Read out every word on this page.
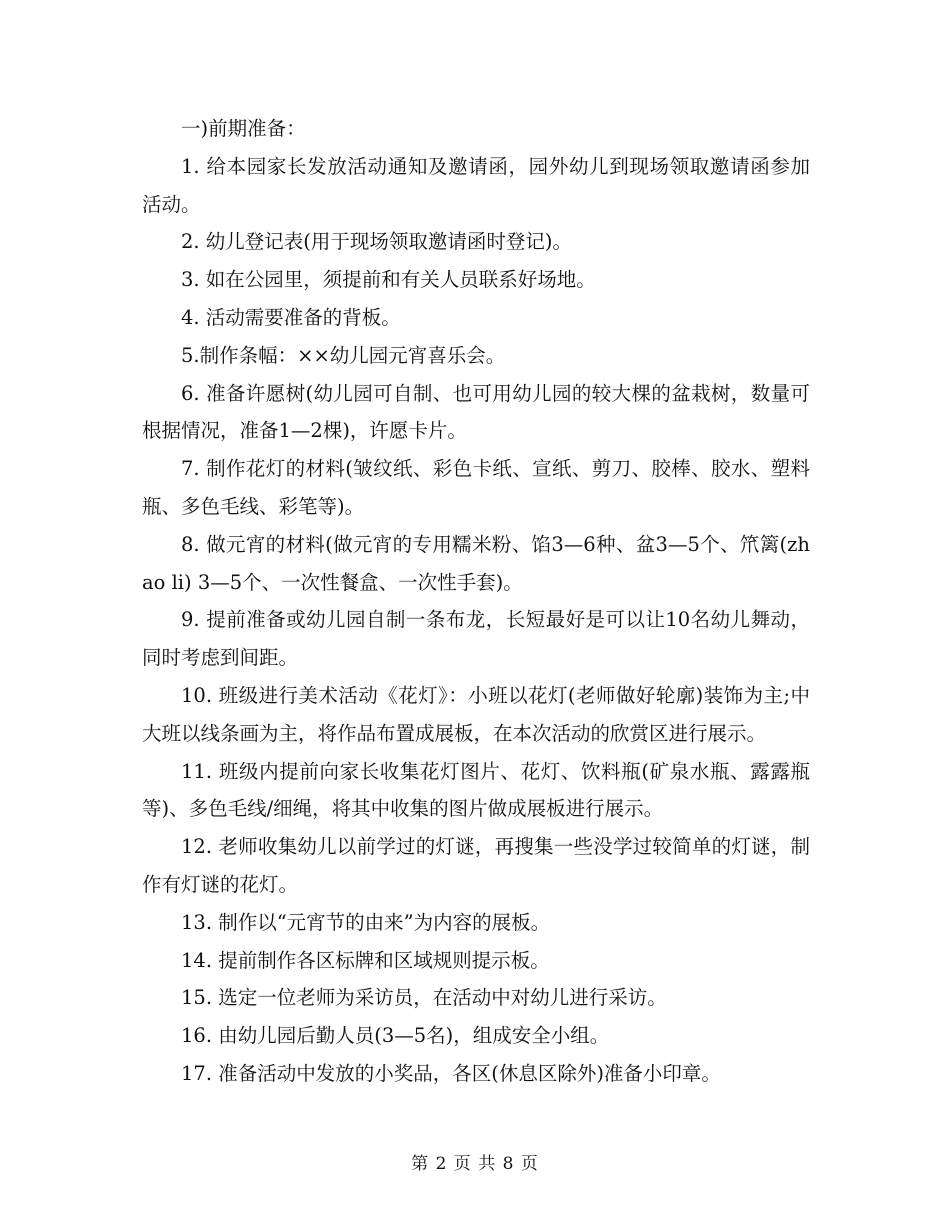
一)前期准备：

1. 给本园家长发放活动通知及邀请函，园外幼儿到现场领取邀请函参加活动。

2. 幼儿登记表(用于现场领取邀请函时登记)。

3. 如在公园里，须提前和有关人员联系好场地。

4. 活动需要准备的背板。

5.制作条幅：××幼儿园元宵喜乐会。

6. 准备许愿树(幼儿园可自制、也可用幼儿园的较大棵的盆栽树，数量可根据情况，准备1—2棵)，许愿卡片。

7. 制作花灯的材料(皱纹纸、彩色卡纸、宣纸、剪刀、胶棒、胶水、塑料瓶、多色毛线、彩笔等)。

8. 做元宵的材料(做元宵的专用糯米粉、馅3—6种、盆3—5个、笊篱(zhao li) 3—5个、一次性餐盒、一次性手套)。

9. 提前准备或幼儿园自制一条布龙，长短最好是可以让10名幼儿舞动，同时考虑到间距。

10. 班级进行美术活动《花灯》：小班以花灯(老师做好轮廓)装饰为主;中大班以线条画为主，将作品布置成展板，在本次活动的欣赏区进行展示。

11. 班级内提前向家长收集花灯图片、花灯、饮料瓶(矿泉水瓶、露露瓶等)、多色毛线/细绳，将其中收集的图片做成展板进行展示。

12. 老师收集幼儿以前学过的灯谜，再搜集一些没学过较简单的灯谜，制作有灯谜的花灯。

13. 制作以“元宵节的由来”为内容的展板。

14. 提前制作各区标牌和区域规则提示板。

15. 选定一位老师为采访员，在活动中对幼儿进行采访。

16. 由幼儿园后勤人员(3—5名)，组成安全小组。

17. 准备活动中发放的小奖品，各区(休息区除外)准备小印章。

第 2 页 共 8 页
